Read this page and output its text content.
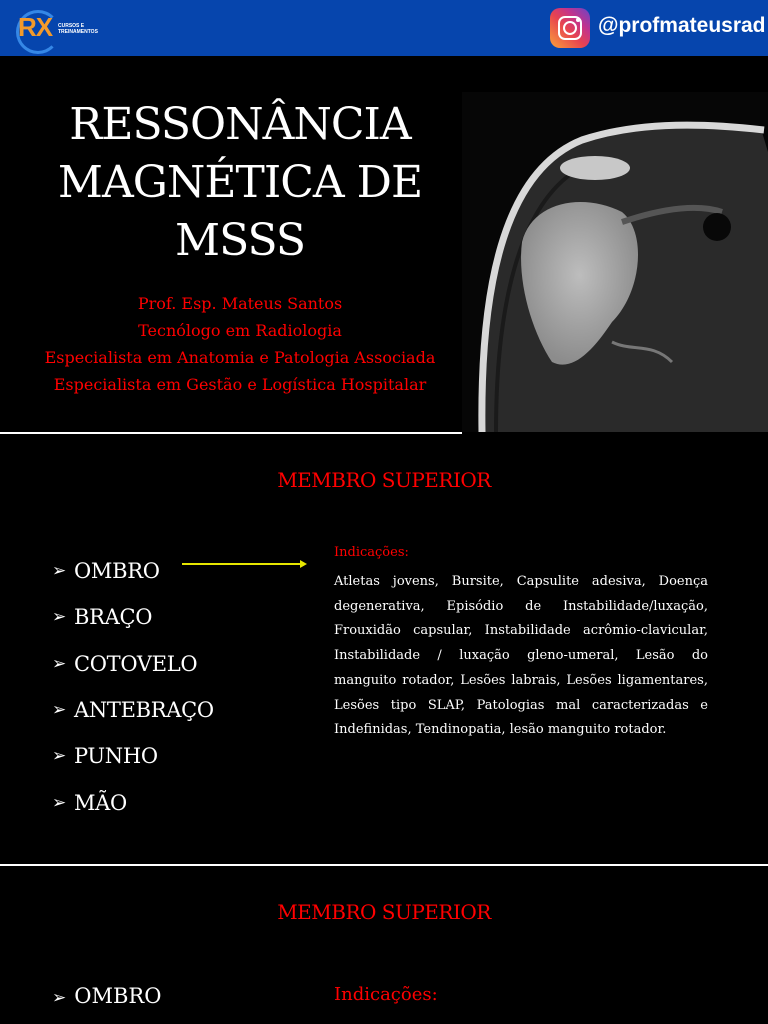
RX CURSOS E TREINAMENTOS	@profmateusrad
RESSONÂNCIA
MAGNÉTICA DE
MSSS
Prof. Esp. Mateus Santos
Tecnólogo em Radiologia
Especialista em Anatomia e Patologia Associada
Especialista em Gestão e Logística Hospitalar
MEMBRO SUPERIOR
➢ OMBRO
➢ BRAÇO
➢ COTOVELO
➢ ANTEBRAÇO
➢ PUNHO
➢ MÃO
Indicações:
Atletas jovens, Bursite, Capsulite adesiva, Doença degenerativa, Episódio de Instabilidade/luxação, Frouxidão capsular, Instabilidade acrômio-clavicular, Instabilidade / luxação gleno-umeral, Lesão do manguito rotador, Lesões labrais, Lesões ligamentares, Lesões tipo SLAP, Patologias mal caracterizadas e Indefinidas, Tendinopatia, lesão manguito rotador.
MEMBRO SUPERIOR
➢ OMBRO	Indicações:
